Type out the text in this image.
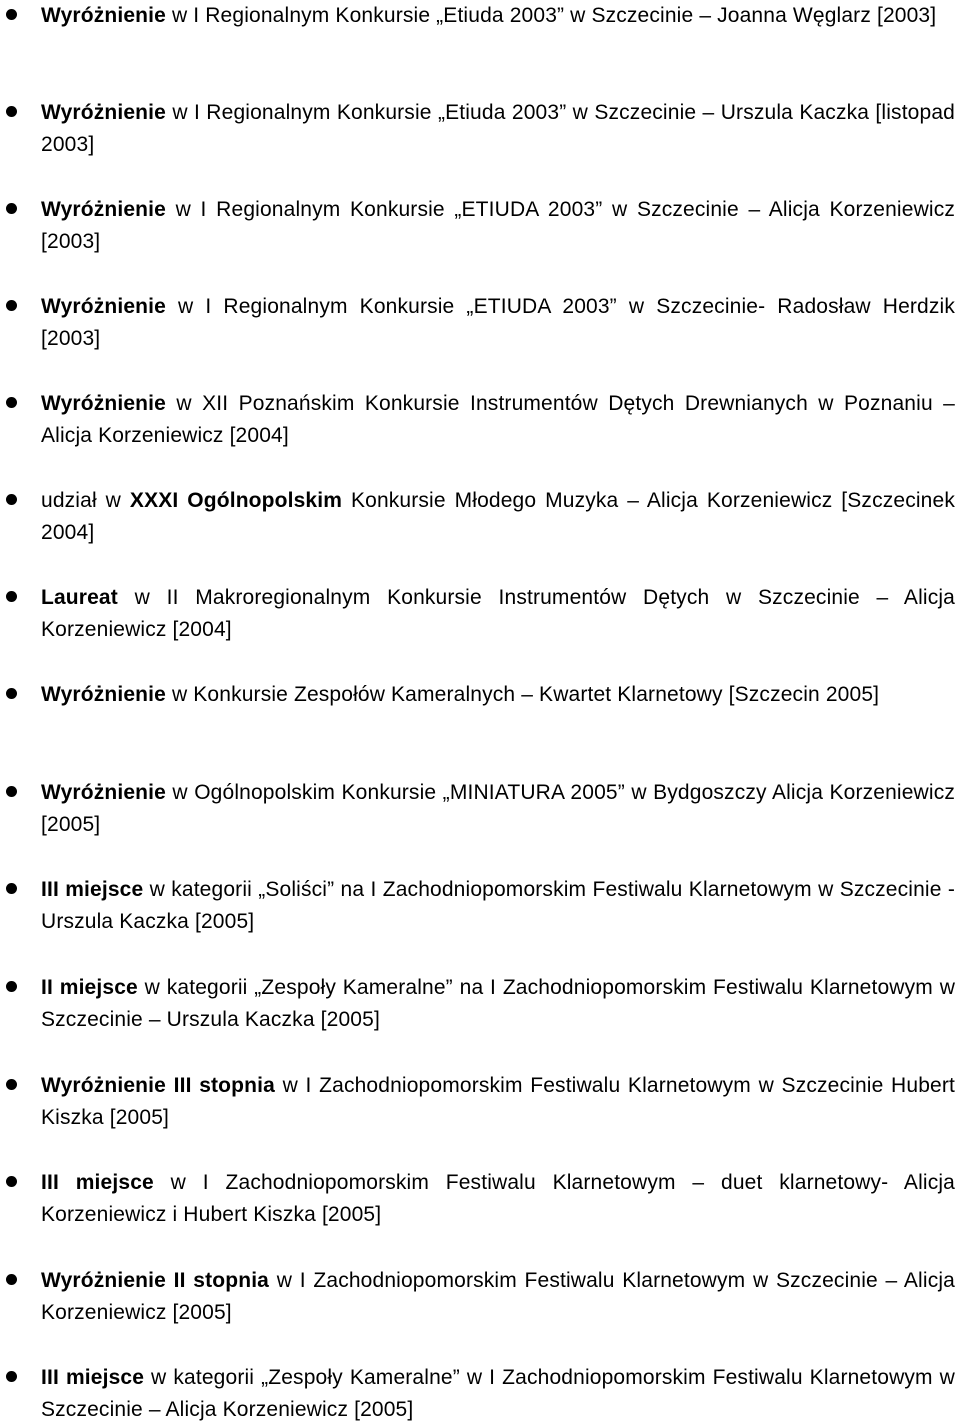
Wyróżnienie w I Regionalnym Konkursie „Etiuda 2003” w Szczecinie – Joanna Węglarz [2003]
Wyróżnienie w I Regionalnym Konkursie „Etiuda 2003” w Szczecinie – Urszula Kaczka [listopad 2003]
Wyróżnienie w I Regionalnym Konkursie „ETIUDA 2003” w Szczecinie – Alicja Korzeniewicz [2003]
Wyróżnienie w I Regionalnym Konkursie „ETIUDA 2003” w Szczecinie- Radosław Herdzik [2003]
Wyróżnienie w XII Poznańskim Konkursie Instrumentów Dętych Drewnianych w Poznaniu – Alicja Korzeniewicz [2004]
udział w XXXI Ogólnopolskim Konkursie Młodego Muzyka – Alicja Korzeniewicz [Szczecinek 2004]
Laureat w II Makroregionalnym Konkursie Instrumentów Dętych w Szczecinie – Alicja Korzeniewicz [2004]
Wyróżnienie w Konkursie Zespołów Kameralnych – Kwartet Klarnetowy [Szczecin 2005]
Wyróżnienie w Ogólnopolskim Konkursie „MINIATURA 2005” w Bydgoszczy Alicja Korzeniewicz [2005]
III miejsce w kategorii „Soliści” na I Zachodniopomorskim Festiwalu Klarnetowym w Szczecinie - Urszula Kaczka [2005]
II miejsce w kategorii „Zespoły Kameralne” na I Zachodniopomorskim Festiwalu Klarnetowym w Szczecinie – Urszula Kaczka [2005]
Wyróżnienie III stopnia w I Zachodniopomorskim Festiwalu Klarnetowym w Szczecinie Hubert Kiszka [2005]
III miejsce w I Zachodniopomorskim Festiwalu Klarnetowym – duet klarnetowy- Alicja Korzeniewicz i Hubert Kiszka [2005]
Wyróżnienie II stopnia w I Zachodniopomorskim Festiwalu Klarnetowym w Szczecinie – Alicja Korzeniewicz [2005]
III miejsce w kategorii „Zespoły Kameralne” w I Zachodniopomorskim Festiwalu Klarnetowym w Szczecinie – Alicja Korzeniewicz [2005]
